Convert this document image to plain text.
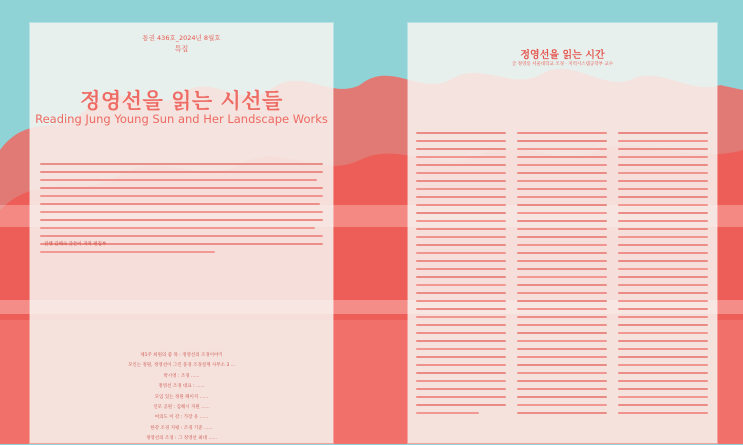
통권 436호_2024년 8월호
특집
정영선을 읽는 시선들
Reading Jung Young Sun and Her Landscape Works
진행 김해숙 글쓴이 지역 편집부
제1주 희원의 좋 목 : 정영선의 조경이야기
모인는 정원, 정영선이 그린 풍경 조경설계 사무소 3 ...
박시영 : 조경 ......
정영선 조경 대표 : ......
모임 있는 정원 페이지 ......
인모 공원 : 김해시 지원 ......
여의도 이 강 : 가장 유 ......
한강 조경 지평 : 조경 기준 ......
정영선의 조경 : 그 정영선 최대 ......
정영선을 읽는 시간
글 정영롱 서울대학교 조경 · 지역시스템공학부 교수
